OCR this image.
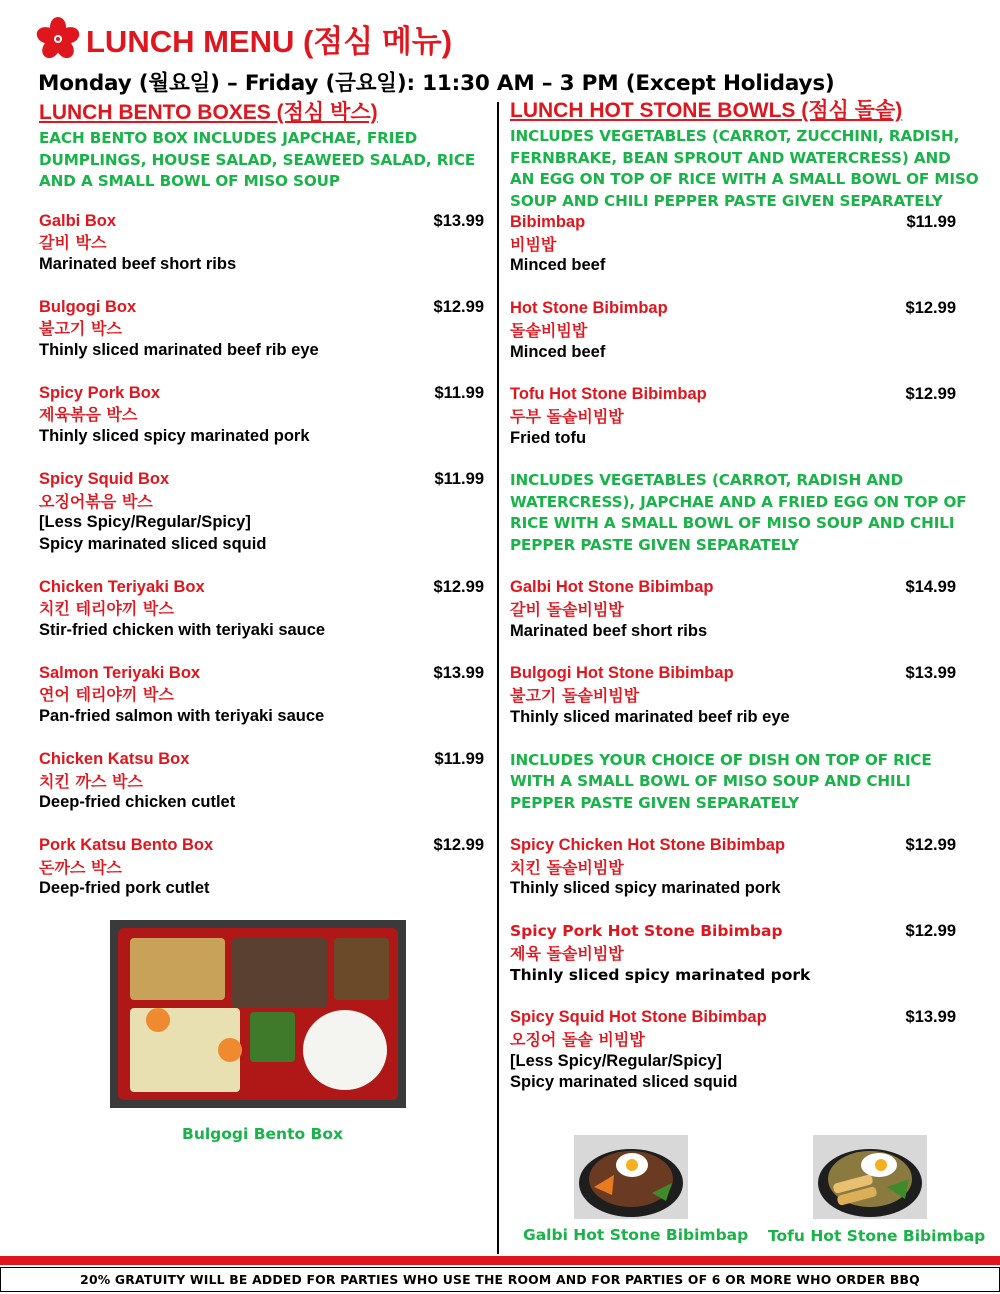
LUNCH MENU (점심 메뉴)
Monday (월요일) – Friday (금요일): 11:30 AM – 3 PM (Except Holidays)
LUNCH BENTO BOXES (점심 박스)
EACH BENTO BOX INCLUDES JAPCHAE, FRIED DUMPLINGS, HOUSE SALAD, SEAWEED SALAD, RICE AND A SMALL BOWL OF MISO SOUP
Galbi Box	$13.99
갈비 박스
Marinated beef short ribs
Bulgogi Box	$12.99
불고기 박스
Thinly sliced marinated beef rib eye
Spicy Pork Box	$11.99
제육볶음 박스
Thinly sliced spicy marinated pork
Spicy Squid Box	$11.99
오징어볶음 박스
[Less Spicy/Regular/Spicy]
Spicy marinated sliced squid
Chicken Teriyaki Box	$12.99
치킨 테리야끼 박스
Stir-fried chicken with teriyaki sauce
Salmon Teriyaki Box	$13.99
연어 테리야끼 박스
Pan-fried salmon with teriyaki sauce
Chicken Katsu Box	$11.99
치킨 까스 박스
Deep-fried chicken cutlet
Pork Katsu Bento Box	$12.99
돈까스 박스
Deep-fried pork cutlet
LUNCH HOT STONE BOWLS (점심 돌솥)
INCLUDES VEGETABLES (CARROT, ZUCCHINI, RADISH, FERNBRAKE, BEAN SPROUT AND WATERCRESS) AND AN EGG ON TOP OF RICE WITH A SMALL BOWL OF MISO SOUP AND CHILI PEPPER PASTE GIVEN SEPARATELY
Bibimbap	$11.99
비빔밥
Minced beef
Hot Stone Bibimbap	$12.99
돌솥비빔밥
Minced beef
Tofu Hot Stone Bibimbap	$12.99
두부 돌솥비빔밥
Fried tofu
INCLUDES VEGETABLES (CARROT, RADISH AND WATERCRESS), JAPCHAE AND A FRIED EGG ON TOP OF RICE WITH A SMALL BOWL OF MISO SOUP AND CHILI PEPPER PASTE GIVEN SEPARATELY
Galbi Hot Stone Bibimbap	$14.99
갈비 돌솥비빔밥
Marinated beef short ribs
Bulgogi Hot Stone Bibimbap	$13.99
불고기 돌솥비빔밥
Thinly sliced marinated beef rib eye
INCLUDES YOUR CHOICE OF DISH ON TOP OF RICE WITH A SMALL BOWL OF MISO SOUP AND CHILI PEPPER PASTE GIVEN SEPARATELY
Spicy Chicken Hot Stone Bibimbap	$12.99
치킨 돌솥비빔밥
Thinly sliced spicy marinated pork
Spicy Pork Hot Stone Bibimbap	$12.99
제육 돌솥비빔밥
Thinly sliced spicy marinated pork
Spicy Squid Hot Stone Bibimbap	$13.99
오징어 돌솥 비빔밥
[Less Spicy/Regular/Spicy]
Spicy marinated sliced squid
Bulgogi Bento Box
Galbi Hot Stone Bibimbap Tofu Hot Stone Bibimbap
20% GRATUITY WILL BE ADDED FOR PARTIES WHO USE THE ROOM AND FOR PARTIES OF 6 OR MORE WHO ORDER BBQ
